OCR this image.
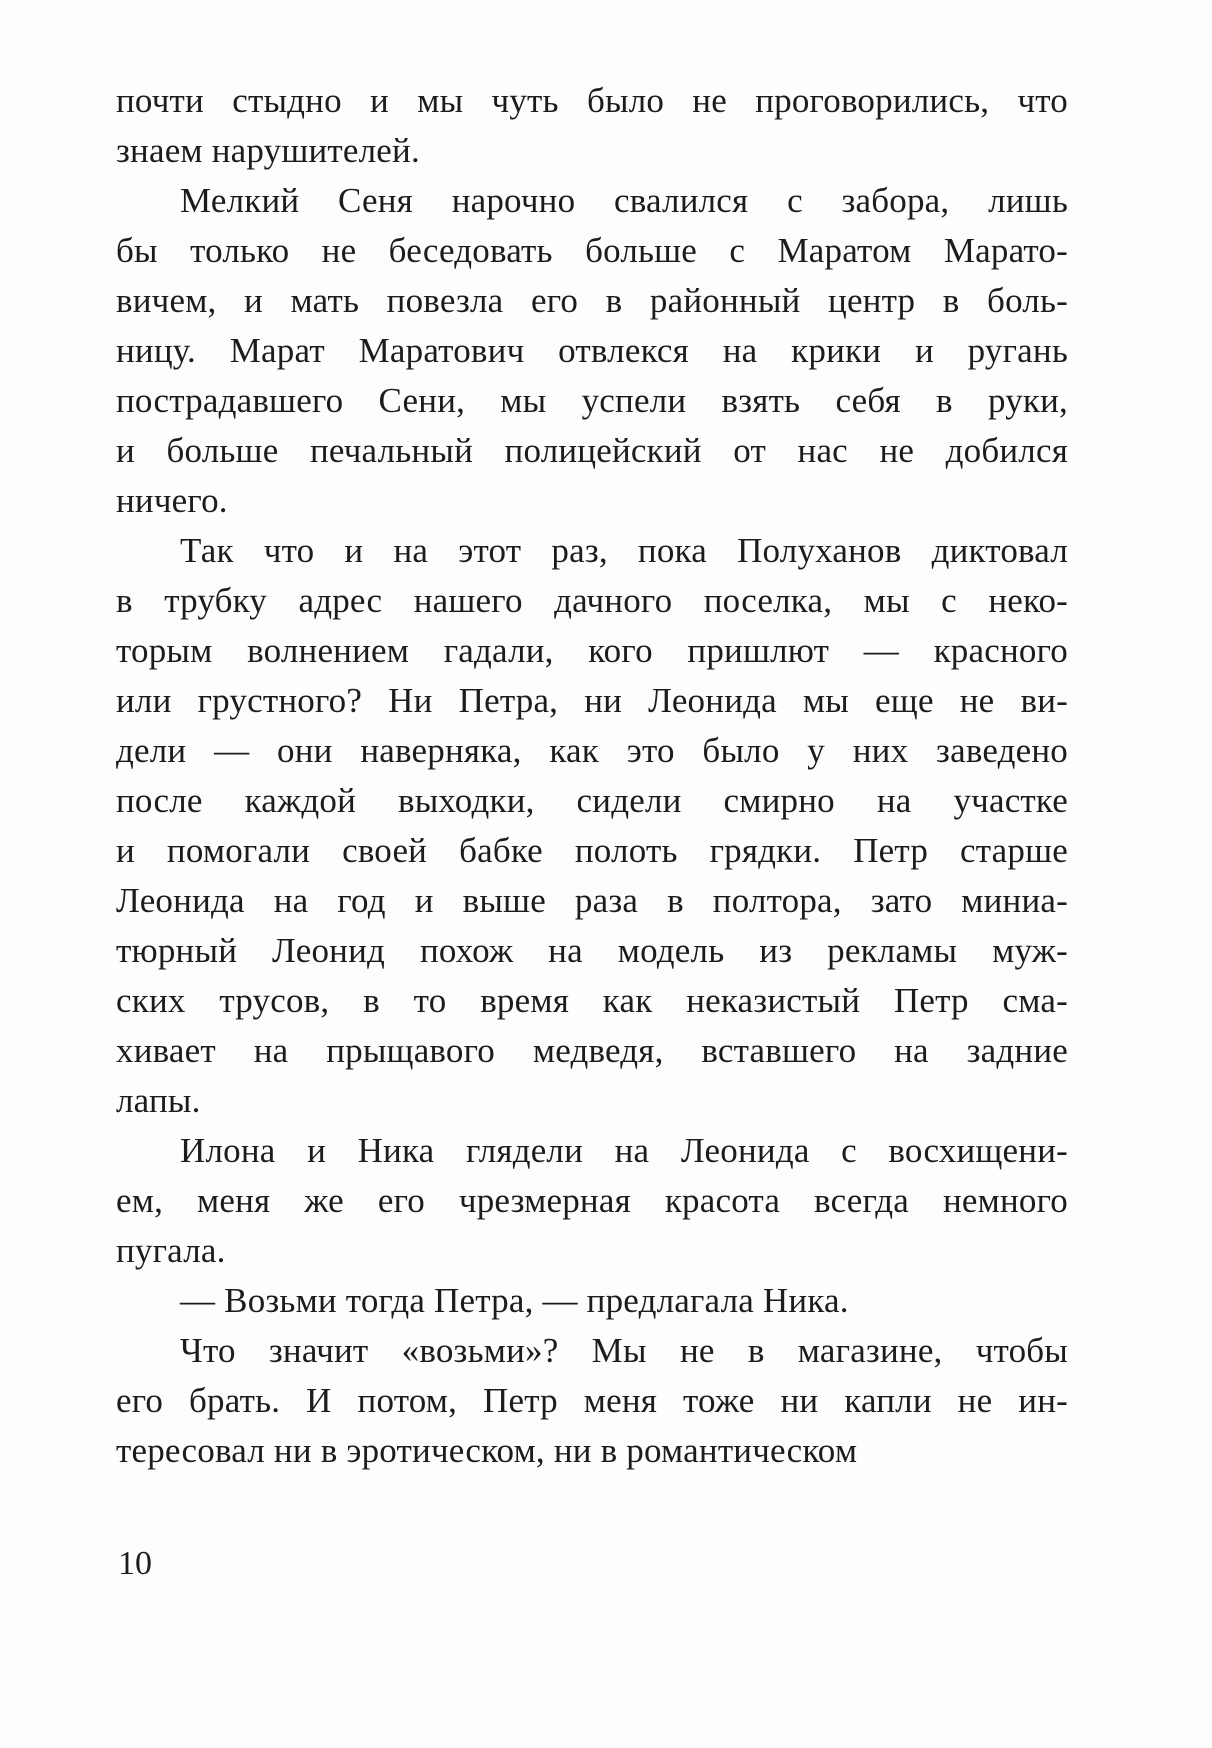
почти стыдно и мы чуть было не проговорились, что
знаем нарушителей.
Мелкий Сеня нарочно свалился с забора, лишь
бы только не беседовать больше с Маратом Марато-
вичем, и мать повезла его в районный центр в боль-
ницу. Марат Маратович отвлекся на крики и ругань
пострадавшего Сени, мы успели взять себя в руки,
и больше печальный полицейский от нас не добился
ничего.
Так что и на этот раз, пока Полуханов диктовал
в трубку адрес нашего дачного поселка, мы с неко-
торым волнением гадали, кого пришлют — красного
или грустного? Ни Петра, ни Леонида мы еще не ви-
дели — они наверняка, как это было у них заведено
после каждой выходки, сидели смирно на участке
и помогали своей бабке полоть грядки. Петр старше
Леонида на год и выше раза в полтора, зато миниа-
тюрный Леонид похож на модель из рекламы муж-
ских трусов, в то время как неказистый Петр сма-
хивает на прыщавого медведя, вставшего на задние
лапы.
Илона и Ника глядели на Леонида с восхищени-
ем, меня же его чрезмерная красота всегда немного
пугала.
— Возьми тогда Петра, — предлагала Ника.
Что значит «возьми»? Мы не в магазине, чтобы
его брать. И потом, Петр меня тоже ни капли не ин-
тересовал ни в эротическом, ни в романтическом
10
